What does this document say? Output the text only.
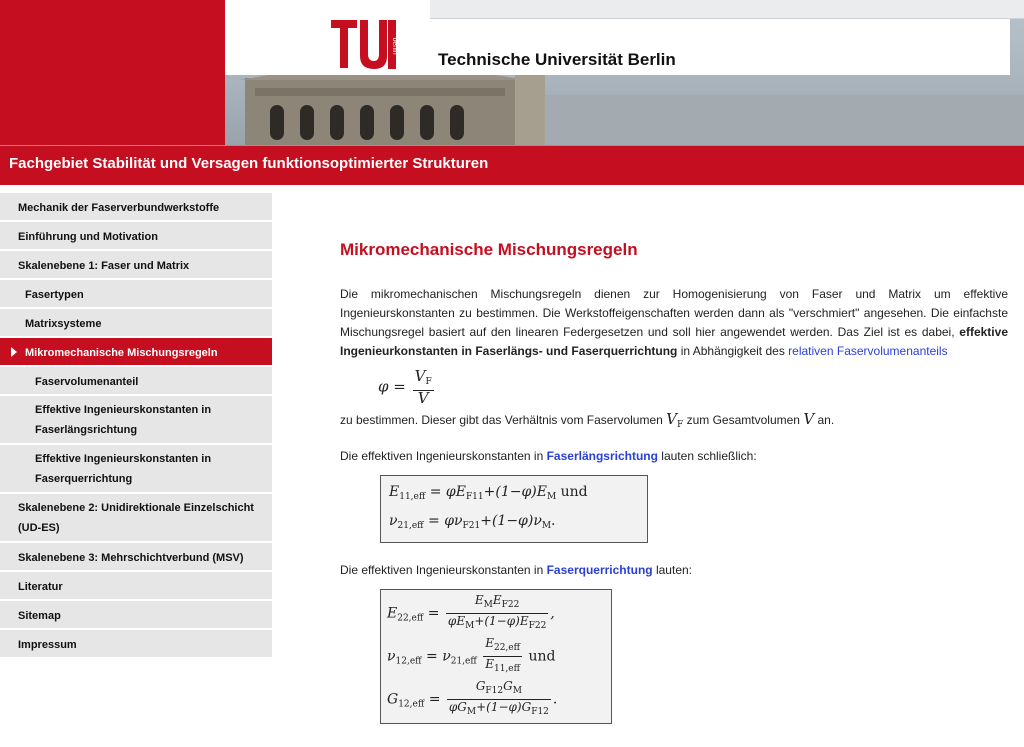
berlin
Technische Universität Berlin
Fachgebiet Stabilität und Versagen funktionsoptimierter Strukturen
Mechanik der Faserverbundwerkstoffe
Einführung und Motivation
Skalenebene 1: Faser und Matrix
Fasertypen
Matrixsysteme
Mikromechanische Mischungsregeln
Faservolumenanteil
Effektive Ingenieurskonstanten in Faserlängsrichtung
Effektive Ingenieurskonstanten in Faserquerrichtung
Skalenebene 2: Unidirektionale Einzelschicht (UD-ES)
Skalenebene 3: Mehrschichtverbund (MSV)
Literatur
Sitemap
Impressum
Mikromechanische Mischungsregeln

Die mikromechanischen Mischungsregeln dienen zur Homogenisierung von Faser und Matrix um effektive Ingenieurskonstanten zu bestimmen. Die Werkstoffeigenschaften werden dann als "verschmiert" angesehen. Die einfachste Mischungsregel basiert auf den linearen Federgesetzen und soll hier angewendet werden. Das Ziel ist es dabei, effektive Ingenieurkonstanten in Faserlängs- und Faserquerrichtung in Abhängigkeit des relativen Faservolumenanteils

$\varphi = \frac{V_F}{V}$

zu bestimmen. Dieser gibt das Verhältnis vom Faservolumen $V_F$ zum Gesamtvolumen V an.

Die effektiven Ingenieurskonstanten in Faserlängsrichtung lauten schließlich:

$E_{11,eff} = \varphi E_{F11}+(1-\varphi)E_M$ und
$\nu_{21,eff} = \varphi\nu_{F21}+(1-\varphi)\nu_M$.

Die effektiven Ingenieurskonstanten in Faserquerrichtung lauten:

$E_{22,eff} = \frac{E_ME_{F22}}{\varphi E_M+(1-\varphi)E_{F22}}$ ,
$\nu_{12,eff} = \nu_{21,eff} \frac{E_{22,eff}}{E_{11,eff}}$ und
$G_{12,eff} = \frac{G_{F12}G_M}{\varphi G_M+(1-\varphi)G_{F12}}$ .
